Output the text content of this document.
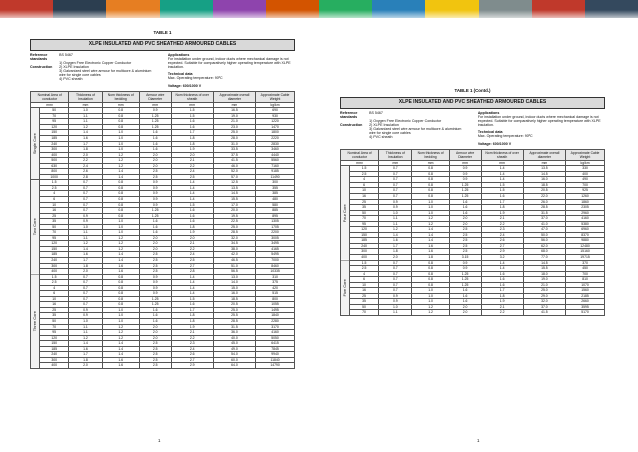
TABLE 1
XLPE INSULATED AND PVC SHEATHED ARMOURED CABLES
Reference standards
Construction
BS 5467
1) Oxygen Free Electronic Copper Conductor
2) XLPE Insulation
3) Galvanized steel wire armour for multicore & aluminium wire for single core cables
4) PVC sheath
Applications
For installation under ground, indoor ducts where mechanical damage is not expected. Suitable for comparatively higher operating temperature with XLPE insulation.
Technical data
Max. Operating temperature: 90ºC
Voltage: 600/1000 V
Nominal Area of conductor		Thickness of Insulation	Nom thickness of bedding	Armour wire Diameter	Nom thickness of over sheath	Approximate overall diameter	Approximate Cable Weight
mm²		mm	mm	mm	mm	mm	kg/km
Single Core	50	1.0	0.8	0.9	1.5	16.5	690
	70	1.1	0.8	1.25	1.5	19.0	930
	95	1.1	0.8	1.25	1.6	21.0	1220
	120	1.2	0.8	1.25	1.6	23.0	1470
	150	1.4	1.0	1.6	1.7	25.0	1800
	185	1.6	1.0	1.6	1.8	28.0	2220
	240	1.7	1.0	1.6	1.8	31.0	2830
	300	1.8	1.0	1.6	1.9	33.5	3460
	400	2.0	1.2	2.0	2.0	37.5	4440
	500	2.2	1.2	2.0	2.1	41.5	5560
	630	2.4	1.2	2.0	2.2	46.0	7160
	800	2.6	1.4	2.5	2.4	52.0	9185
	1000	2.8	1.4	2.5	2.5	57.0	11490
Two Core	1.5	0.7	0.8	0.9	1.4	12.5	300
	2.5	0.7	0.8	0.9	1.4	13.5	355
	4	0.7	0.8	0.9	1.4	14.5	385
	6	0.7	0.8	0.9	1.4	15.5	480
	10	0.7	0.8	0.9	1.5	17.0	580
	16	0.7	0.8	1.25	1.6	20.0	885
	25	0.9	0.8	1.25	1.6	19.5	895
	35	0.9	1.0	1.6	1.6	22.5	1305
	50	1.0	1.0	1.6	1.8	25.0	1705
	70	1.1	1.0	1.6	1.9	28.5	2200
	95	1.1	1.2	2.0	2.0	32.0	3005
	120	1.2	1.2	2.0	2.1	34.5	3495
	150	1.4	1.2	2.0	2.2	38.0	4165
	185	1.6	1.4	2.5	2.4	42.0	5495
	240	1.7	1.4	2.5	2.5	46.5	7000
	300	1.8	1.6	2.5	2.7	51.0	8460
	400	2.0	1.6	2.5	2.8	56.5	10335
Three Core	1.5	0.7	0.8	0.9	1.4	13.0	310
	2.5	0.7	0.8	0.9	1.4	14.0	375
	4	0.7	0.8	0.9	1.4	15.0	420
	6	0.7	0.8	0.9	1.4	16.0	515
	10	0.7	0.8	1.25	1.5	18.5	800
	16	0.7	0.8	1.25	1.6	20.5	1055
	25	0.9	1.0	1.6	1.7	25.0	1495
	35	0.9	1.0	1.6	1.8	25.5	1840
	50	1.0	1.0	1.6	1.8	28.5	2280
	70	1.1	1.2	2.0	1.9	31.5	3170
	95	1.1	1.2	2.0	2.1	36.0	4160
	120	1.2	1.2	2.0	2.2	40.0	5050
	150	1.4	1.4	2.5	2.3	45.0	6415
	185	1.6	1.4	2.5	2.4	49.0	7845
	240	1.7	1.4	2.5	2.6	54.0	9940
	300	1.8	1.6	2.5	2.7	60.0	11840
	400	2.0	1.6	2.5	2.9	64.0	14790
TABLE 1 (Contd.)
XLPE INSULATED AND PVC SHEATHED ARMOURED CABLES
Reference standards
Construction
BS 5467
1) Oxygen Free Electronic Copper Conductor
2) XLPE Insulation
3) Galvanized steel wire armour for multicore & aluminium wire for single core cables
4) PVC sheath
Applications
For installation under ground, indoor ducts where mechanical damage is not expected. Suitable for comparatively higher operating temperature with XLPE insulation.
Technical data
Max. Operating temperature: 90ºC
Voltage: 600/1000 V
Nominal Area of conductor		Thickness of Insulation	Nom thickness of bedding	Armour wire Diameter	Nom thickness of over sheath	Approximate overall diameter	Approximate Cable Weight
mm²		mm	mm	mm	mm	mm	kg/km
Four Core	1.5	0.7	0.8	0.9	1.4	13.5	330
	2.5	0.7	0.8	0.9	1.4	14.5	400
	4	0.7	0.8	0.9	1.4	16.0	490
	6	0.7	0.8	1.25	1.5	18.5	700
	10	0.7	0.8	1.25	1.5	20.5	925
	16	0.7	0.8	1.25	1.6	22.0	1260
	25	0.9	1.0	1.6	1.7	26.0	1860
	35	0.9	1.0	1.6	1.8	28.5	2305
	50	1.0	1.0	1.6	1.9	31.5	2960
	70	1.1	1.2	2.0	2.1	37.0	4160
	95	1.1	1.2	2.0	2.2	41.0	5380
	120	1.2	1.4	2.5	2.3	47.0	6960
	150	1.4	1.4	2.5	2.4	50.0	8370
	185	1.6	1.4	2.5	2.6	56.0	9880
	240	1.7	1.6	2.5	2.7	62.0	12480
	300	1.8	1.6	2.5	2.9	68.0	15160
	400	2.0	1.8	3.15	3.2	77.0	19715
Five Core	1.5	0.7	0.8	0.9	1.4	14.5	370
	2.5	0.7	0.8	0.9	1.4	15.5	450
	4	0.7	0.8	1.25	1.6	18.0	700
	6	0.7	0.8	1.25	1.6	19.0	810
	10	0.7	0.8	1.25	1.6	21.0	1070
	16	0.7	1.0	1.6	1.7	25.0	1560
	25	0.9	1.0	1.6	1.8	29.0	2185
	35	0.9	1.0	1.6	1.9	32.0	2660
	50	1.0	1.2	2.0	2.1	37.0	3595
	70	1.1	1.2	2.0	2.2	41.5	5170
1	1
